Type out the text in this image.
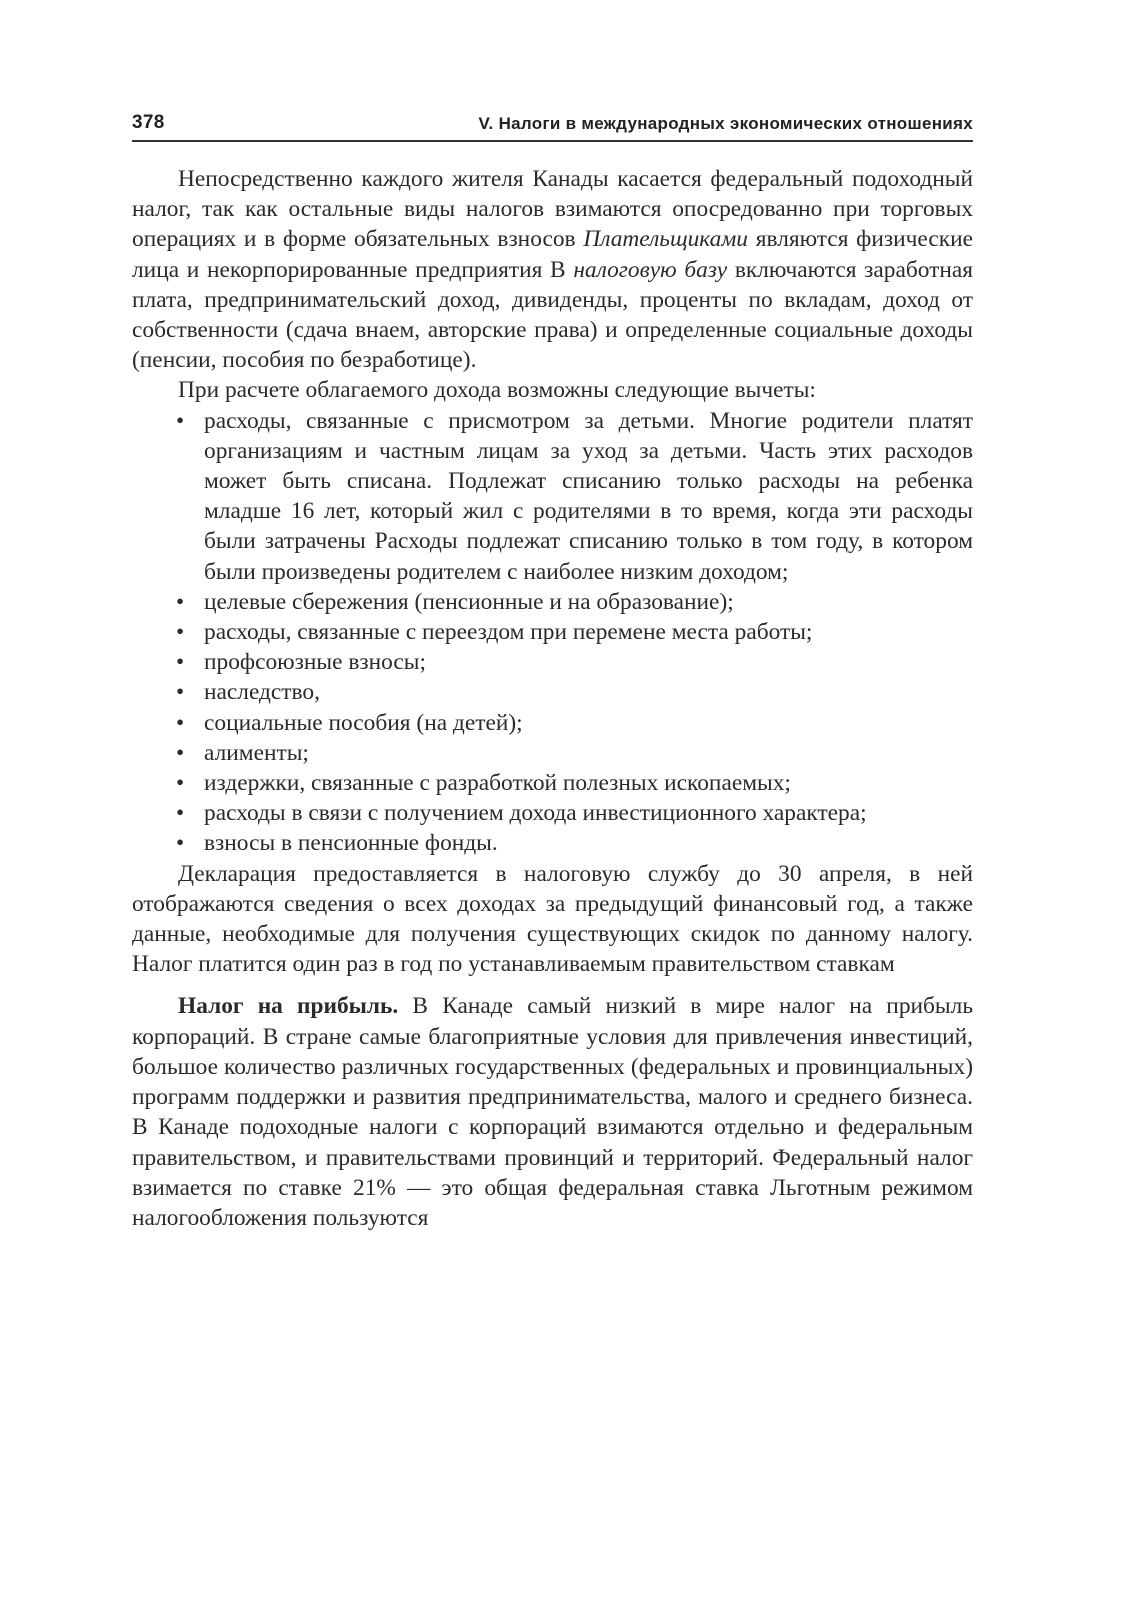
378	V. Налоги в международных экономических отношениях

Непосредственно каждого жителя Канады касается федеральный подоходный налог, так как остальные виды налогов взимаются опосредованно при торговых операциях и в форме обязательных взносов Плательщиками являются физические лица и некорпорированные предприятия В налоговую базу включаются заработная плата, предпринимательский доход, дивиденды, проценты по вкладам, доход от собственности (сдача внаем, авторские права) и определенные социальные доходы (пенсии, пособия по безработице).

При расчете облагаемого дохода возможны следующие вычеты:

• расходы, связанные с присмотром за детьми. Многие родители платят организациям и частным лицам за уход за детьми. Часть этих расходов может быть списана. Подлежат списанию только расходы на ребенка младше 16 лет, который жил с родителями в то время, когда эти расходы были затрачены Расходы подлежат списанию только в том году, в котором были произведены родителем с наиболее низким доходом;
• целевые сбережения (пенсионные и на образование);
• расходы, связанные с переездом при перемене места работы;
• профсоюзные взносы;
• наследство,
• социальные пособия (на детей);
• алименты;
• издержки, связанные с разработкой полезных ископаемых;
• расходы в связи с получением дохода инвестиционного характера;
• взносы в пенсионные фонды.

Декларация предоставляется в налоговую службу до 30 апреля, в ней отображаются сведения о всех доходах за предыдущий финансовый год, а также данные, необходимые для получения существующих скидок по данному налогу. Налог платится один раз в год по устанавливаемым правительством ставкам

Налог на прибыль. В Канаде самый низкий в мире налог на прибыль корпораций. В стране самые благоприятные условия для привлечения инвестиций, большое количество различных государственных (федеральных и провинциальных) программ поддержки и развития предпринимательства, малого и среднего бизнеса. В Канаде подоходные налоги с корпораций взимаются отдельно и федеральным правительством, и правительствами провинций и территорий. Федеральный налог взимается по ставке 21% — это общая федеральная ставка Льготным режимом налогообложения пользуются
